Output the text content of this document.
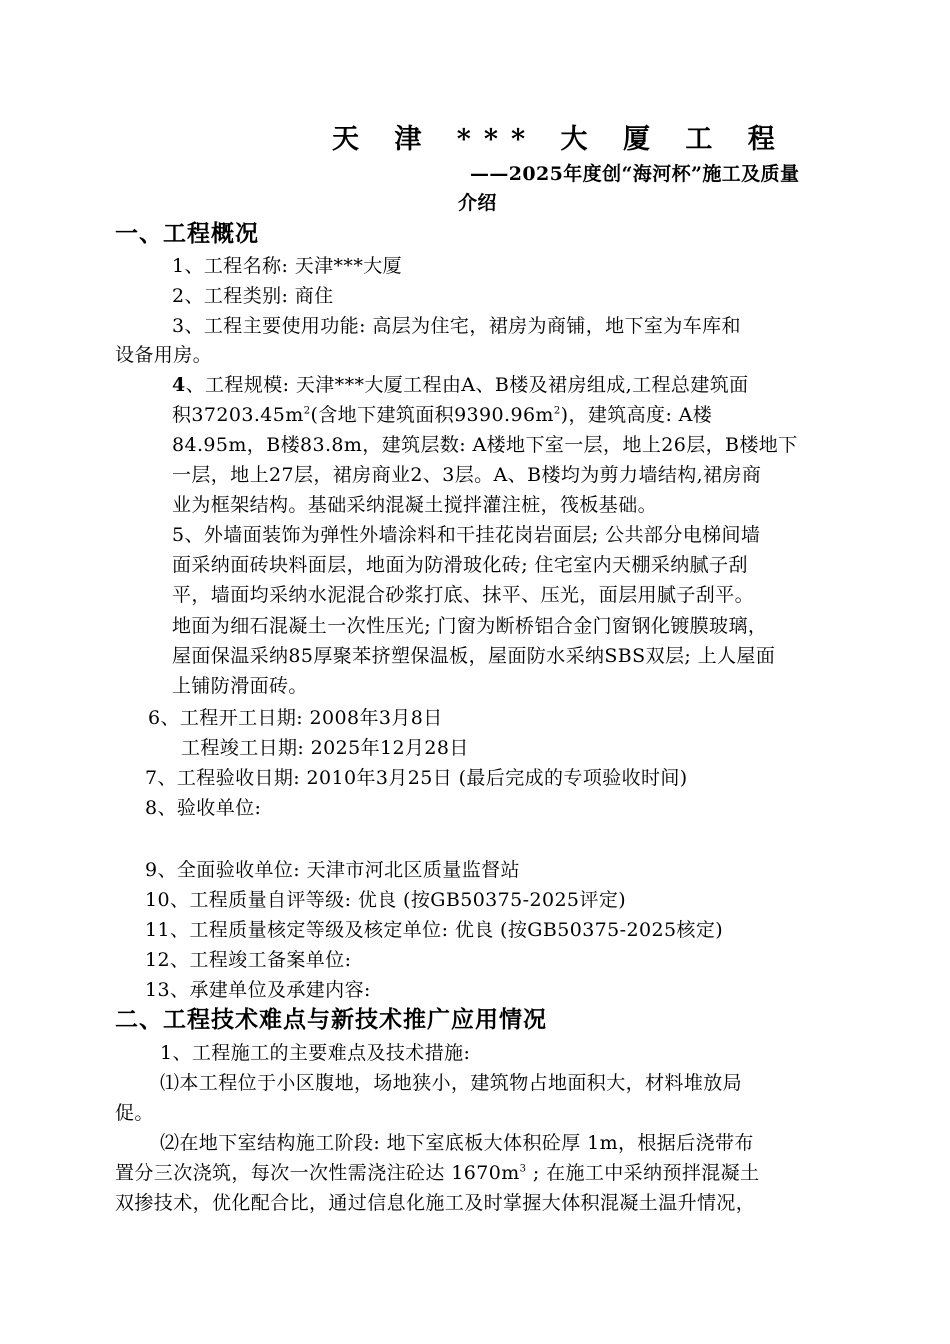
天 津 *** 大 厦 工 程
——2025年度创“海河杯”施工及质量
介绍
一、工程概况
1、工程名称: 天津***大厦
2、工程类别: 商住
3、工程主要使用功能: 高层为住宅，裙房为商铺，地下室为车库和
设备用房。
4、工程规模: 天津***大厦工程由A、B楼及裙房组成,工程总建筑面
积$37203.45m^2$(含地下建筑面积$9390.96m^2$)，建筑高度: A楼
84.95m，B楼83.8m，建筑层数: A楼地下室一层，地上26层，B楼地下
一层，地上27层，裙房商业2、3层。A、B楼均为剪力墙结构,裙房商
业为框架结构。基础采纳混凝土搅拌灌注桩，筏板基础。
5、外墙面装饰为弹性外墙涂料和干挂花岗岩面层; 公共部分电梯间墙
面采纳面砖块料面层，地面为防滑玻化砖; 住宅室内天棚采纳腻子刮
平，墙面均采纳水泥混合砂浆打底、抹平、压光，面层用腻子刮平。
地面为细石混凝土一次性压光; 门窗为断桥铝合金门窗钢化镀膜玻璃，
屋面保温采纳85厚聚苯挤塑保温板，屋面防水采纳SBS双层; 上人屋面
上铺防滑面砖。
6、工程开工日期: 2008年3月8日
工程竣工日期: 2025年12月28日
7、工程验收日期: 2010年3月25日 (最后完成的专项验收时间)
8、验收单位:
9、全面验收单位: 天津市河北区质量监督站
10、工程质量自评等级: 优良 (按GB50375-2025评定)
11、工程质量核定等级及核定单位: 优良 (按GB50375-2025核定)
12、工程竣工备案单位:
13、承建单位及承建内容:
二、工程技术难点与新技术推广应用情况
1、工程施工的主要难点及技术措施:
⑴本工程位于小区腹地，场地狭小，建筑物占地面积大，材料堆放局
促。
⑵在地下室结构施工阶段: 地下室底板大体积砼厚 1m，根据后浇带布
置分三次浇筑，每次一次性需浇注砼达 $1670m^3$ ; 在施工中采纳预拌混凝土
双掺技术，优化配合比，通过信息化施工及时掌握大体积混凝土温升情况，
